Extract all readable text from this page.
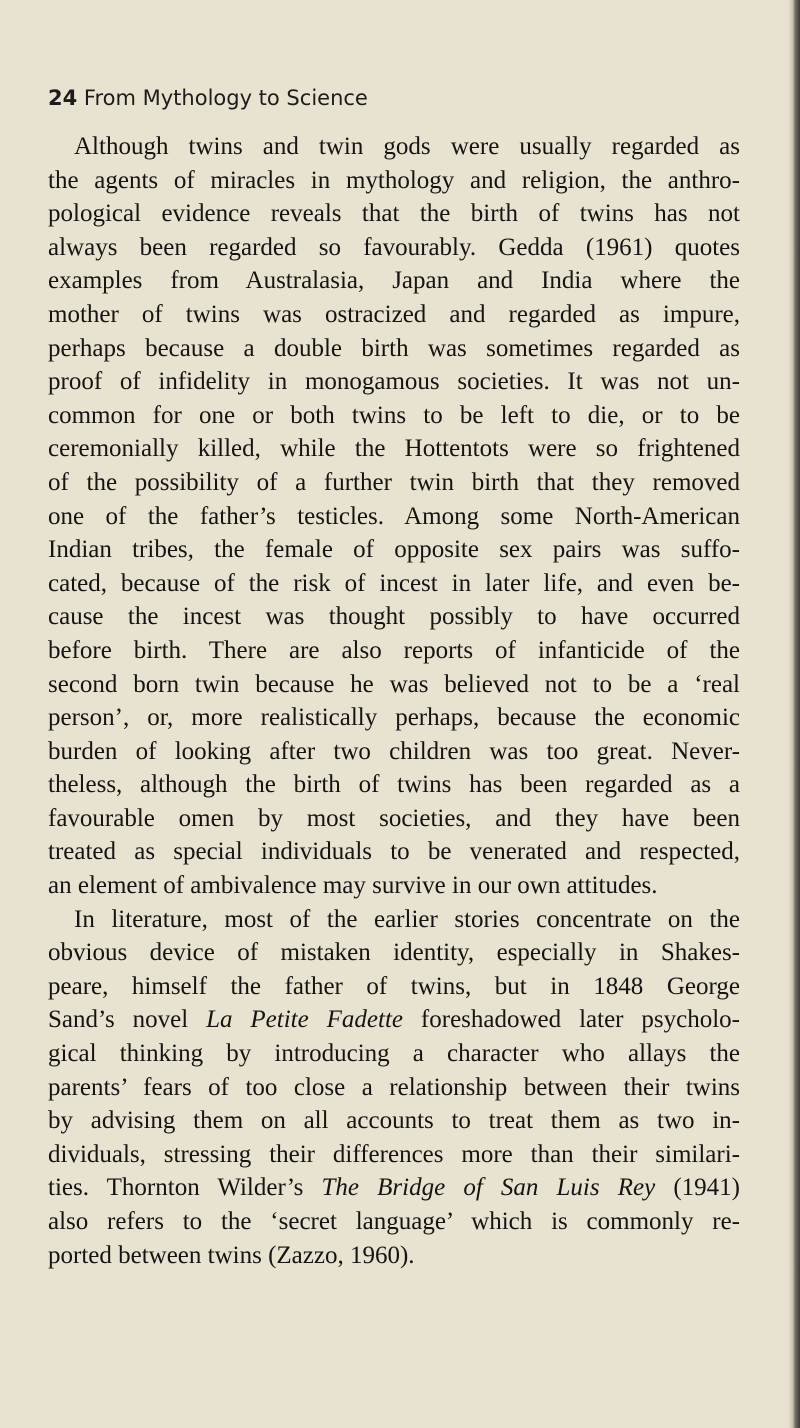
24 From Mythology to Science
Although twins and twin gods were usually regarded as
the agents of miracles in mythology and religion, the anthro-
pological evidence reveals that the birth of twins has not
always been regarded so favourably. Gedda (1961) quotes
examples from Australasia, Japan and India where the
mother of twins was ostracized and regarded as impure,
perhaps because a double birth was sometimes regarded as
proof of infidelity in monogamous societies. It was not un-
common for one or both twins to be left to die, or to be
ceremonially killed, while the Hottentots were so frightened
of the possibility of a further twin birth that they removed
one of the father’s testicles. Among some North-American
Indian tribes, the female of opposite sex pairs was suffo-
cated, because of the risk of incest in later life, and even be-
cause the incest was thought possibly to have occurred
before birth. There are also reports of infanticide of the
second born twin because he was believed not to be a ‘real
person’, or, more realistically perhaps, because the economic
burden of looking after two children was too great. Never-
theless, although the birth of twins has been regarded as a
favourable omen by most societies, and they have been
treated as special individuals to be venerated and respected,
an element of ambivalence may survive in our own attitudes.
In literature, most of the earlier stories concentrate on the
obvious device of mistaken identity, especially in Shakes-
peare, himself the father of twins, but in 1848 George
Sand’s novel La Petite Fadette foreshadowed later psycholo-
gical thinking by introducing a character who allays the
parents’ fears of too close a relationship between their twins
by advising them on all accounts to treat them as two in-
dividuals, stressing their differences more than their similari-
ties. Thornton Wilder’s The Bridge of San Luis Rey (1941)
also refers to the ‘secret language’ which is commonly re-
ported between twins (Zazzo, 1960).
